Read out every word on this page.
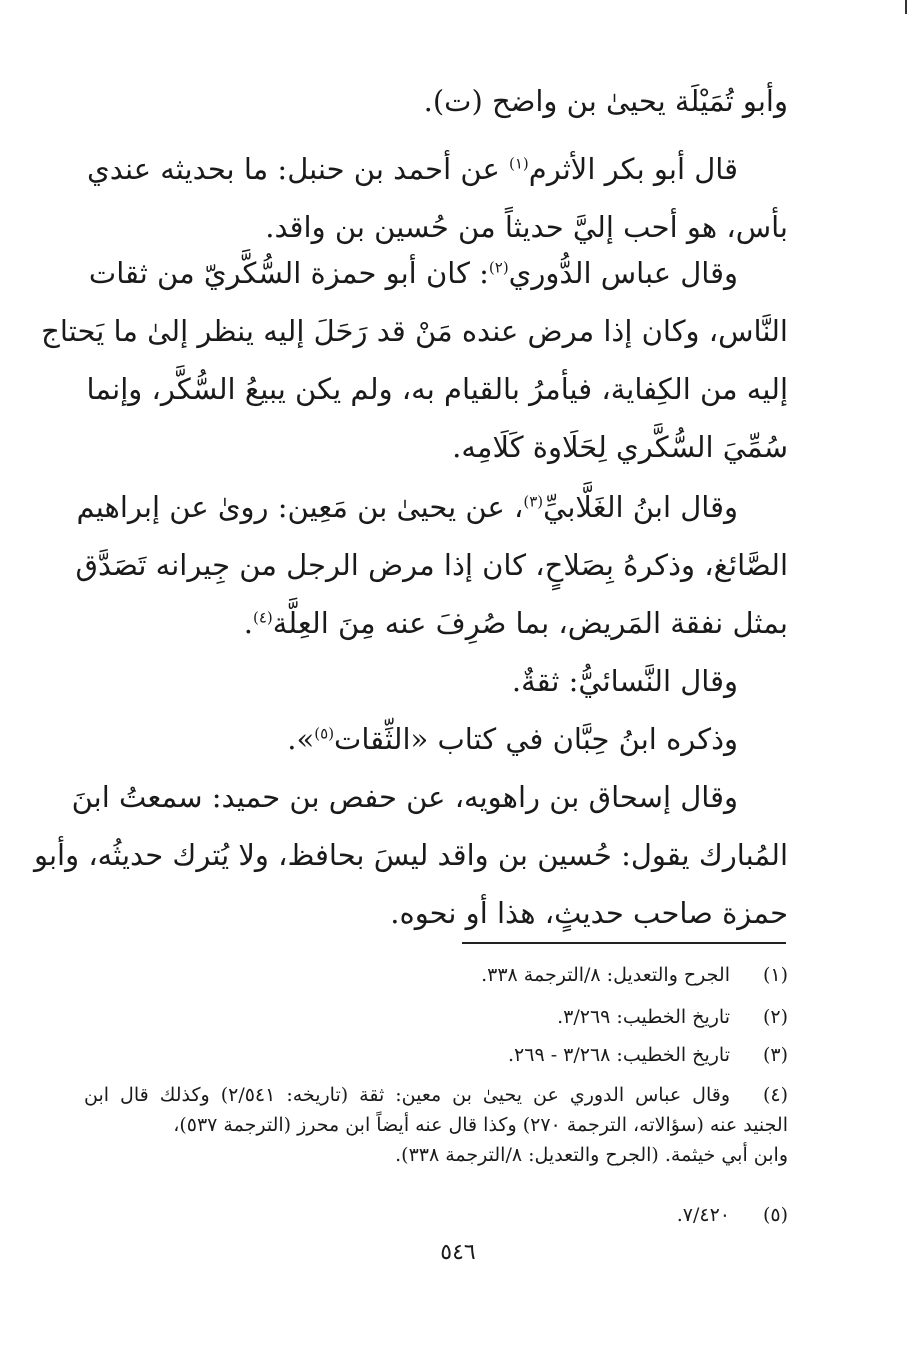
وأبو تُمَيْلَة يحيىٰ بن واضح (ت).
قال أبو بكر الأثرم$^{(١)}$ عن أحمد بن حنبل: ما بحديثه عندي
بأس، هو أحب إليَّ حديثاً من حُسين بن واقد.
وقال عباس الدُّوري$^{(٢)}$: كان أبو حمزة السُّكَّريّ من ثقات
النَّاس، وكان إذا مرض عنده مَنْ قد رَحَلَ إليه ينظر إلىٰ ما يَحتاج
إليه من الكِفاية، فيأمرُ بالقيام به، ولم يكن يبيعُ السُّكَّر، وإنما
سُمِّيَ السُّكَّري لِحَلَاوة كَلَامِه.
وقال ابنُ الغَلَّابيِّ$^{(٣)}$، عن يحيىٰ بن مَعِين: روىٰ عن إبراهيم
الصَّائغ، وذكرهُ بِصَلاحٍ، كان إذا مرض الرجل من جِيرانه تَصَدَّق
بمثل نفقة المَريض، بما صُرِفَ عنه مِنَ العِلَّة$^{(٤)}$.
وقال النَّسائيُّ: ثقةٌ.
وذكره ابنُ حِبَّان في كتاب «الثِّقات$^{(٥)}$».
وقال إسحاق بن راهويه، عن حفص بن حميد: سمعتُ ابنَ
المُبارك يقول: حُسين بن واقد ليسَ بحافظ، ولا يُترك حديثُه، وأبو
حمزة صاحب حديثٍ، هذا أو نحوه.
(١)
الجرح والتعديل: ٨/الترجمة ٣٣٨.
(٢)
تاريخ الخطيب: ٣/٢٦٩.
(٣)
تاريخ الخطيب: ٣/٢٦٨ - ٢٦٩.
(٤)
وقال عباس الدوري عن يحيىٰ بن معين: ثقة (تاريخه: ٢/٥٤١) وكذلك قال ابن
الجنيد عنه (سؤالاته، الترجمة ٢٧٠) وكذا قال عنه أيضاً ابن محرز (الترجمة ٥٣٧)،
وابن أبي خيثمة. (الجرح والتعديل: ٨/الترجمة ٣٣٨).
(٥)
٧/٤٢٠.
٥٤٦
